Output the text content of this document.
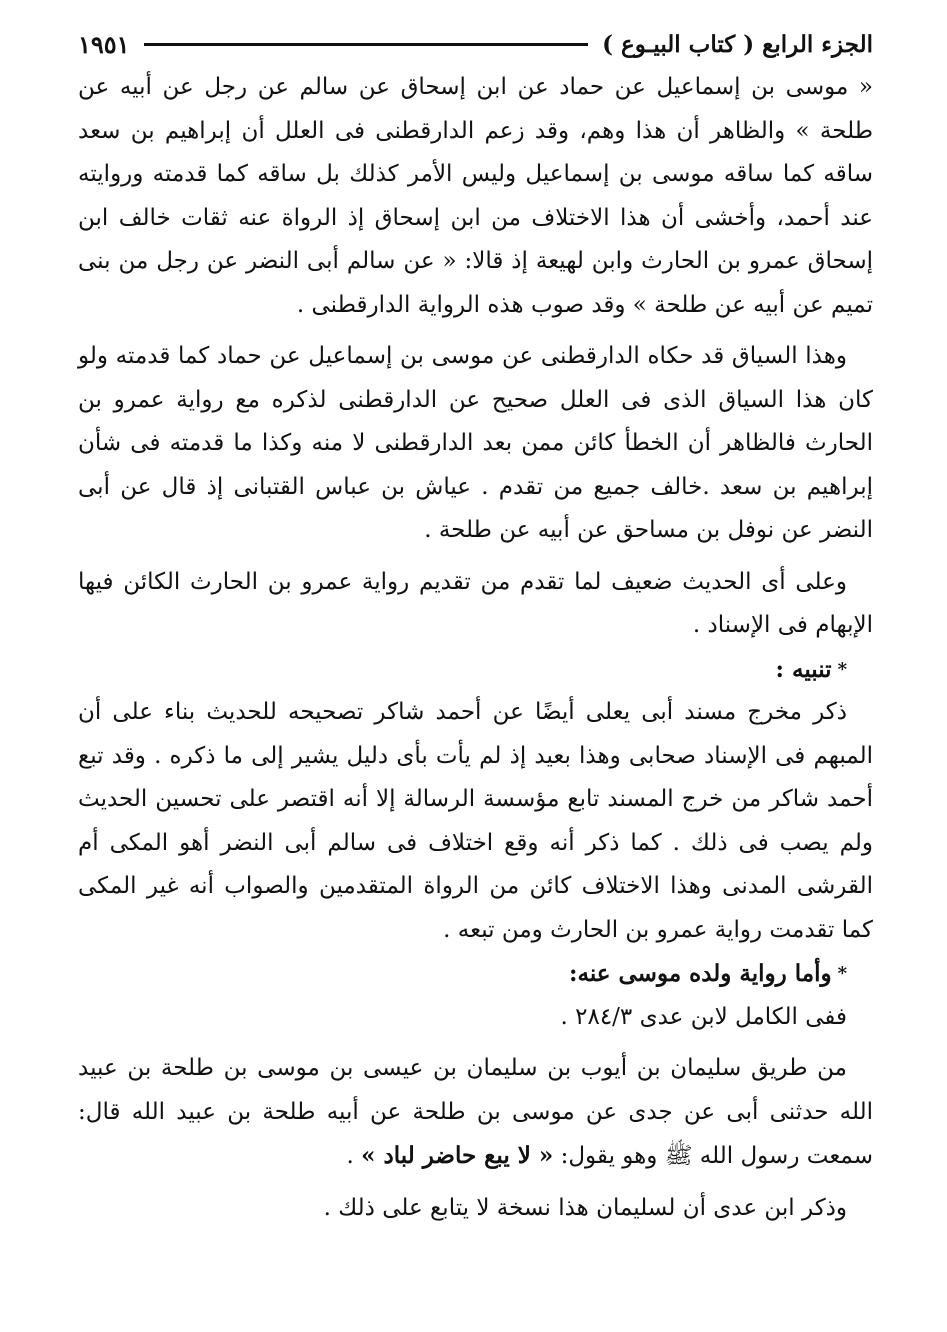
الجزء الرابع ( كتاب البيـوع )
١٩٥١

« موسى بن إسماعيل عن حماد عن ابن إسحاق عن سالم عن رجل عن أبيه عن طلحة » والظاهر أن هذا وهم، وقد زعم الدارقطنى فى العلل أن إبراهيم بن سعد ساقه كما ساقه موسى بن إسماعيل وليس الأمر كذلك بل ساقه كما قدمته وروايته عند أحمد، وأخشى أن هذا الاختلاف من ابن إسحاق إذ الرواة عنه ثقات خالف ابن إسحاق عمرو بن الحارث وابن لهيعة إذ قالا: « عن سالم أبى النضر عن رجل من بنى تميم عن أبيه عن طلحة » وقد صوب هذه الرواية الدارقطنى .

وهذا السياق قد حكاه الدارقطنى عن موسى بن إسماعيل عن حماد كما قدمته ولو كان هذا السياق الذى فى العلل صحيح عن الدارقطنى لذكره مع رواية عمرو بن الحارث فالظاهر أن الخطأ كائن ممن بعد الدارقطنى لا منه وكذا ما قدمته فى شأن إبراهيم بن سعد .خالف جميع من تقدم . عياش بن عباس القتبانى إذ قال عن أبى النضر عن نوفل بن مساحق عن أبيه عن طلحة .

وعلى أى الحديث ضعيف لما تقدم من تقديم رواية عمرو بن الحارث الكائن فيها الإبهام فى الإسناد .

*تنبيه :

ذكر مخرج مسند أبى يعلى أيضًا عن أحمد شاكر تصحيحه للحديث بناء على أن المبهم فى الإسناد صحابى وهذا بعيد إذ لم يأت بأى دليل يشير إلى ما ذكره . وقد تبع أحمد شاكر من خرج المسند تابع مؤسسة الرسالة إلا أنه اقتصر على تحسين الحديث ولم يصب فى ذلك . كما ذكر أنه وقع اختلاف فى سالم أبى النضر أهو المكى أم القرشى المدنى وهذا الاختلاف كائن من الرواة المتقدمين والصواب أنه غير المكى كما تقدمت رواية عمرو بن الحارث ومن تبعه .

*وأما رواية ولده موسى عنه:

ففى الكامل لابن عدى ٢٨٤/٣ .

من طريق سليمان بن أيوب بن سليمان بن عيسى بن موسى بن طلحة بن عبيد الله حدثنى أبى عن جدى عن موسى بن طلحة عن أبيه طلحة بن عبيد الله قال: سمعت رسول الله ﷺ وهو يقول: « لا يبع حاضر لباد » .

وذكر ابن عدى أن لسليمان هذا نسخة لا يتابع على ذلك .
